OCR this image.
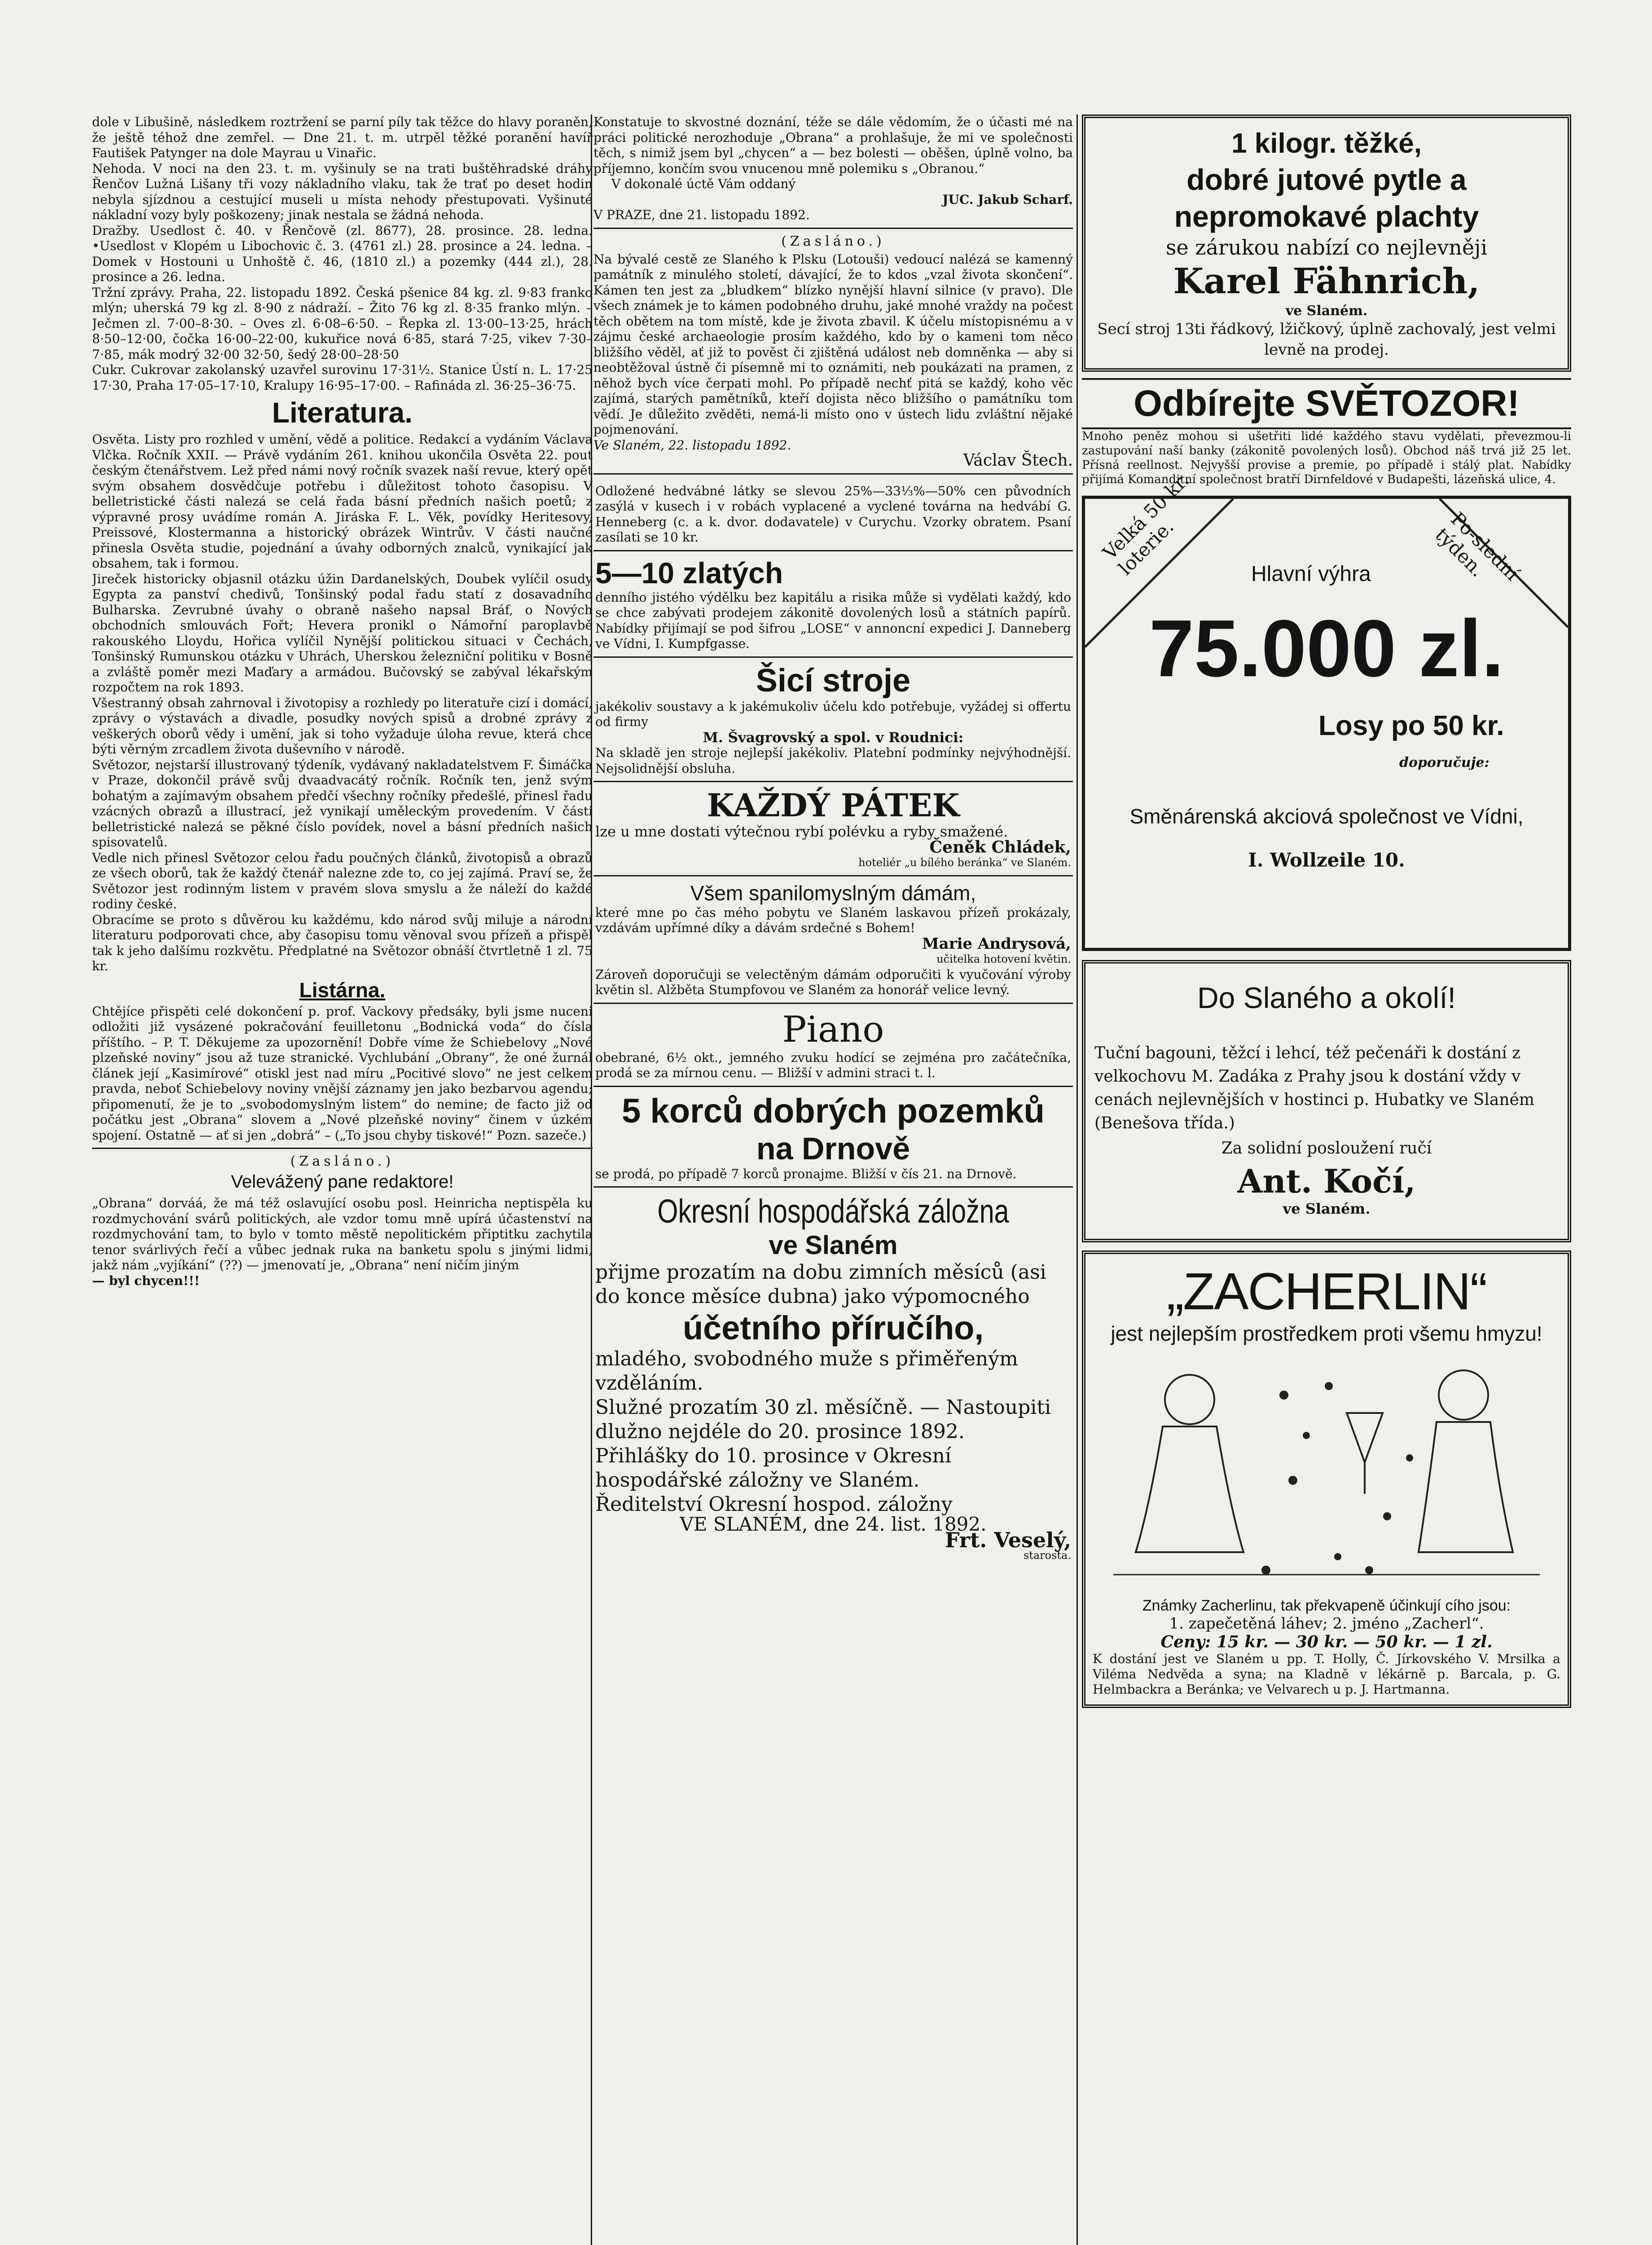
dole v Libušině, následkem roztržení se parní píly tak těžce do hlavy poraněn, že ještě téhož dne zemřel. — Dne 21. t. m. utrpěl těžké poranění havíř Fautišek Patynger na dole Mayrau u Vinařic.

Nehoda. V noci na den 23. t. m. vyšinuly se na trati buštěhradské dráhy Řenčov Lužná Lišany tři vozy nákladního vlaku, tak že trať po deset hodin nebyla sjízdnou a cestující museli u místa nehody přestupovati. Vyšinuté nákladní vozy byly poškozeny; jinak nestala se žádná nehoda.

Dražby. Usedlost č. 40. v Řenčově (zl. 8677), 28. prosince. 28. ledna. •Usedlost v Klopém u Libochovic č. 3. (4761 zl.) 28. prosince a 24. ledna. – Domek v Hostouni u Unhoště č. 46, (1810 zl.) a pozemky (444 zl.), 28. prosince a 26. ledna.

Tržní zprávy. Praha, 22. listopadu 1892. Česká pšenice 84 kg. zl. 9·83 franko mlýn; uherská 79 kg zl. 8·90 z nádraží. – Žito 76 kg zl. 8·35 franko mlýn. – Ječmen zl. 7·00–8·30. – Oves zl. 6·08–6·50. – Řepka zl. 13·00–13·25, hrách 8·50–12·00, čočka 16·00–22·00, kukuřice nová 6·85, stará 7·25, vikev 7·30–7·85, mák modrý 32·00 32·50, šedý 28·00–28·50

Cukr. Cukrovar zakolanský uzavřel surovinu 17·31½. Stanice Ústí n. L. 17·25 17·30, Praha 17·05–17·10, Kralupy 16·95–17·00. – Rafináda zl. 36·25–36·75.

Literatura.

Osvěta. Listy pro rozhled v umění, vědě a politice. Redakcí a vydáním Václava Vlčka. Ročník XXII. — Právě vydáním 261. knihou ukončila Osvěta 22. pout českým čtenářstvem. Lež před námi nový ročník svazek naší revue, který opět svým obsahem dosvědčuje potřebu i důležitost tohoto časopisu. V belletristické části nalezá se celá řada básní předních našich poetů; z výpravné prosy uvádíme román A. Jiráska F. L. Věk, povídky Heritesovy, Preissové, Klostermanna a historický obrázek Wintrův. V části naučné přinesla Osvěta studie, pojednání a úvahy odborných znalců, vynikající jak obsahem, tak i formou.

Jireček historicky objasnil otázku úžin Dardanelských, Doubek vylíčil osudy Egypta za panství chedivů, Tonšinský podal řadu statí z dosavadního Bulharska. Zevrubné úvahy o obraně našeho napsal Bráf, o Nových obchodních smlouvách Fořt; Hevera pronikl o Námořní paroplavbě rakouského Lloydu, Hořica vylíčil Nynější politickou situaci v Čechách, Tonšinský Rumunskou otázku v Uhrách, Uherskou železniční politiku v Bosně a zvláště poměr mezi Maďary a armádou. Bučovský se zabýval lékařským rozpočtem na rok 1893.

Všestranný obsah zahrnoval i životopisy a rozhledy po literatuře cizí i domácí, zprávy o výstavách a divadle, posudky nových spisů a drobné zprávy z veškerých oborů vědy i umění, jak si toho vyžaduje úloha revue, která chce býti věrným zrcadlem života duševního v národě.

Světozor, nejstarší illustrovaný týdeník, vydávaný nakladatelstvem F. Šimáčka v Praze, dokončil právě svůj dvaadvacátý ročník. Ročník ten, jenž svým bohatým a zajímavým obsahem předčí všechny ročníky předešlé, přinesl řadu vzácných obrazů a illustrací, jež vynikají uměleckým provedením. V části belletristické nalezá se pěkné číslo povídek, novel a básní předních našich spisovatelů.

Vedle nich přinesl Světozor celou řadu poučných článků, životopisů a obrazů ze všech oborů, tak že každý čtenář nalezne zde to, co jej zajímá. Praví se, že Světozor jest rodinným listem v pravém slova smyslu a že náleží do každé rodiny české.

Obracíme se proto s důvěrou ku každému, kdo národ svůj miluje a národní literaturu podporovati chce, aby časopisu tomu věnoval svou přízeň a přispěl tak k jeho dalšímu rozkvětu. Předplatné na Světozor obnáší čtvrtletně 1 zl. 75 kr.

Listárna.

Chtějíce přispěti celé dokončení p. prof. Vackovy předsáky, byli jsme nuceni odložiti již vysázené pokračování feuilletonu „Bodnická voda“ do čísla příštího. – P. T. Děkujeme za upozornění! Dobře víme že Schiebelovy „Nové plzeňské noviny“ jsou až tuze stranické. Vychlubání „Obrany“, že oné žurnál článek její „Kasimírové“ otiskl jest nad míru „Pocitivé slovo“ ne jest celkem pravda, neboť Schiebelovy noviny vnější záznamy jen jako bezbarvou agendu; připomenutí, že je to „svobodomyslným listem“ do nemine; de facto již od počátku jest „Obrana“ slovem a „Nové plzeňské noviny“ činem v úzkém spojení. Ostatně — ať si jen „dobrá“ – („To jsou chyby tiskové!“ Pozn. sazeče.)

(Zasláno.)
Velevážený pane redaktore!

„Obrana“ dorváá, že má též oslavující osobu posl. Heinricha neptispěla ku rozdmychování svárů politických, ale vzdor tomu mně upírá účastenství na rozdmychování tam, to bylo v tomto městě nepolitickém připtitku zachytila tenor svárlivých řečí a vůbec jednak ruka na banketu spolu s jinými lidmi, jakž nám „vyjíkání“ (??) — jmenovatí je, „Obrana“ není ničím jiným

— byl chycen!!!

Konstatuje to skvostné doznání, téže se dále vědomím, že o účasti mé na práci politické nerozhoduje „Obrana“ a prohlašuje, že mi ve společnosti těch, s nimiž jsem byl „chycen“ a — bez bolesti — oběšen, úplně volno, ba příjemno, končím svou vnucenou mně polemiku s „Obranou.“

V dokonalé úctě Vám oddaný

JUC. Jakub Scharf.

V PRAZE, dne 21. listopadu 1892.

(Zasláno.)

Na bývalé cestě ze Slaného k Plsku (Lotouši) vedoucí nalézá se kamenný památník z minulého století, dávající, že to kdos „vzal života skončení“. Kámen ten jest za „bludkem“ blízko nynější hlavní silnice (v pravo). Dle všech známek je to kámen podobného druhu, jaké mnohé vraždy na počest těch obětem na tom místě, kde je života zbavil. K účelu místopisnému a v zájmu české archaeologie prosím každého, kdo by o kameni tom něco bližšího věděl, ať již to pověst či zjištěná událost neb domněnka — aby si neobtěžoval ústně či písemně mi to oznámiti, neb poukázati na pramen, z něhož bych více čerpati mohl. Po případě nechť pitá se každý, koho věc zajímá, starých pamětníků, kteří dojista něco bližšího o památníku tom vědí. Je důležito zvěděti, nemá-li místo ono v ústech lidu zvláštní nějaké pojmenování.

Ve Slaném, 22. listopadu 1892.

Václav Štech.

Odložené hedvábné látky se slevou 25%—33⅓%—50% cen původních zasýlá v kusech i v robách vyplacené a vyclené továrna na hedvábí G. Henneberg (c. a k. dvor. dodavatele) v Curychu. Vzorky obratem. Psaní zasílati se 10 kr.

5—10 zlatých

denního jistého výdělku bez kapitálu a risika může si vydělati každý, kdo se chce zabývati prodejem zákonitě dovolených losů a státních papírů. Nabídky přijímají se pod šifrou „LOSE“ v annoncní expedici J. Danneberg ve Vídni, I. Kumpfgasse.

Šicí stroje

jakékoliv soustavy a k jakémukoliv účelu kdo potřebuje, vyžádej si offertu od firmy

M. Švagrovský a spol. v Roudnici:

Na skladě jen stroje nejlepší jakékoliv. Platební podmínky nejvýhodnější. Nejsolidnější obsluha.

KAŽDÝ PÁTEK

lze u mne dostati výtečnou rybí polévku a ryby smažené.

Čeněk Chládek,

hoteliér „u bílého beránka“ ve Slaném.

Všem spanilomyslným dámám,

které mne po čas mého pobytu ve Slaném laskavou přízeň prokázaly, vzdávám upřímné díky a dávám srdečné s Bohem!

Marie Andrysová,

učitelka hotovení květin.

Zároveň doporučuji se velectěným dámám odporučiti k vyučování výroby květin sl. Alžběta Stumpfovou ve Slaném za honorář velice levný.

Piano

obebrané, 6½ okt., jemného zvuku hodící se zejména pro začátečníka, prodá se za mírnou cenu. — Bližší v admini straci t. l.

5 korců dobrých pozemků

na Drnově

se prodá, po případě 7 korců pronajme. Bližší v čís 21. na Drnově.

Okresní hospodářská záložna

ve Slaném

přijme prozatím na dobu zimních měsíců (asi do konce měsíce dubna) jako výpomocného

účetního příručího,

mladého, svobodného muže s přiměřeným vzděláním.

Služné prozatím 30 zl. měsíčně. — Nastoupiti dlužno nejdéle do 20. prosince 1892.

Přihlášky do 10. prosince v Okresní hospodářské záložny ve Slaném.

Ředitelství Okresní hospod. záložny

VE SLANÉM, dne 24. list. 1892.

Frt. Veselý,

starosta.

1 kilogr. těžké,

dobré jutové pytle a

nepromokavé plachty

se zárukou nabízí co nejlevněji

Karel Fähnrich,

ve Slaném.

Secí stroj 13ti řádkový, lžičkový, úplně zachovalý, jest velmi levně na prodej.

Odbírejte SVĚTOZOR!

Mnoho peněz mohou si ušetřiti lidé každého stavu vydělati, převezmou-li zastupování naší banky (zákonitě povolených losů). Obchod náš trvá již 25 let. Přísná reellnost. Nejvyšší provise a premie, po případě i stálý plat. Nabídky přijímá Komanditní společnost bratří Dirnfeldové v Budapešti, lázeňská ulice, 4.

Velká 50 kr. loterie.	Po-slední týden.
Hlavní výhra
75.000 zl.
Losy po 50 kr.
doporučuje:
Směnárenská akciová společnost ve Vídni,
I. Wollzeile 10.

Do Slaného a okolí!

Tuční bagouni, těžcí i lehcí, též pečenáři k dostání z velkochovu M. Zadáka z Prahy jsou k dostání vždy v cenách nejlevnějších v hostinci p. Hubatky ve Slaném (Benešova třída.)

Za solidní posloužení ručí

Ant. Kočí,

ve Slaném.

„ZACHERLIN“

jest nejlepším prostředkem proti všemu hmyzu!

Známky Zacherlinu, tak překvapeně účinkují cího jsou:

1. zapečetěná láhev; 2. jméno „Zacherl“.

Ceny: 15 kr. — 30 kr. — 50 kr. — 1 zl.

K dostání jest ve Slaném u pp. T. Holly, Č. Jírkovského V. Mrsilka a Viléma Nedvěda a syna; na Kladně v lékárně p. Barcala, p. G. Helmbackra a Beránka; ve Velvarech u p. J. Hartmanna.
